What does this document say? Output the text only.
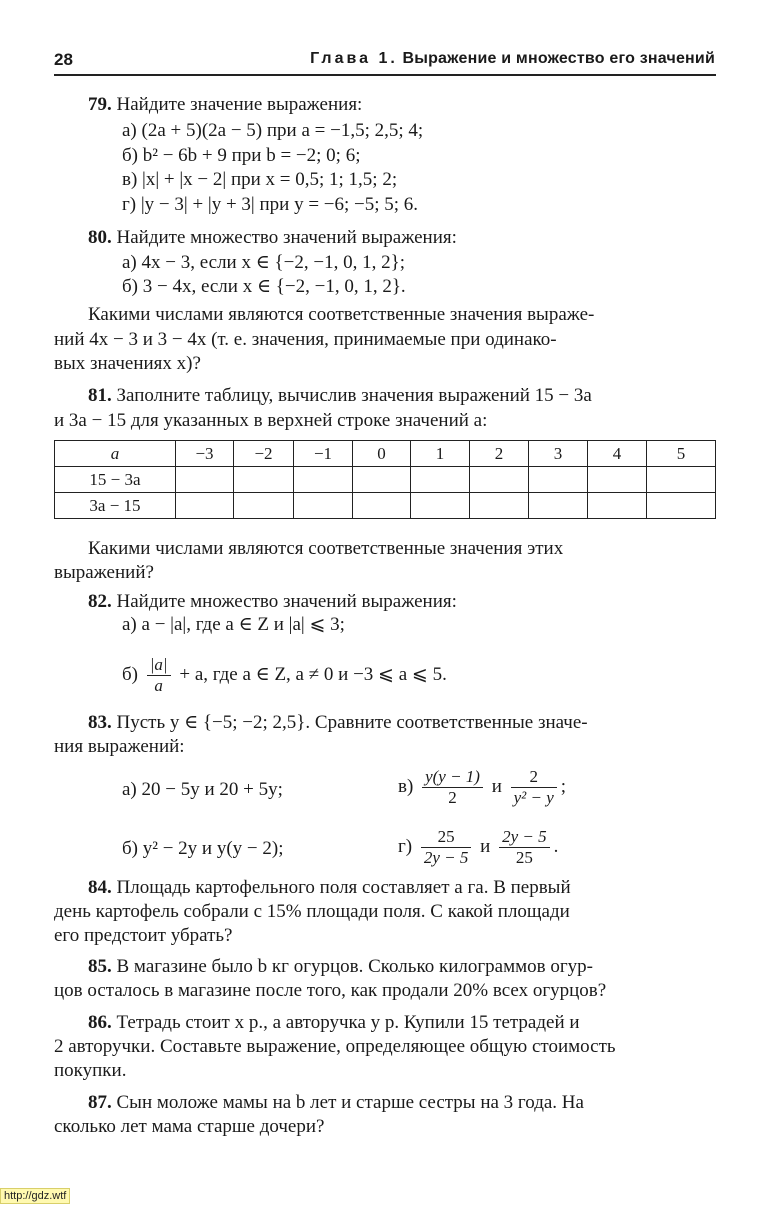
28	Глава 1. Выражение и множество его значений
79. Найдите значение выражения:
а) (2a + 5)(2a − 5) при a = −1,5; 2,5; 4;
б) b² − 6b + 9 при b = −2; 0; 6;
в) |x| + |x − 2| при x = 0,5; 1; 1,5; 2;
г) |y − 3| + |y + 3| при y = −6; −5; 5; 6.
80. Найдите множество значений выражения:
а) 4x − 3, если x ∈ {−2, −1, 0, 1, 2};
б) 3 − 4x, если x ∈ {−2, −1, 0, 1, 2}.
Какими числами являются соответственные значения выраже-
ний 4x − 3 и 3 − 4x (т. е. значения, принимаемые при одинако-
вых значениях x)?
81. Заполните таблицу, вычислив значения выражений 15 − 3a
и 3a − 15 для указанных в верхней строке значений a:
a	−3	−2	−1	0	1	2	3	4	5
15 − 3a									
3a − 15									
Какими числами являются соответственные значения этих
выражений?
82. Найдите множество значений выражения:
а) a − |a|, где a ∈ Z и |a| ⩽ 3;
$б) \frac{|a|}{a} + a$, где a ∈ Z, a ≠ 0 и −3 ⩽ a ⩽ 5.
83. Пусть y ∈ {−5; −2; 2,5}. Сравните соответственные значе-
ния выражений:
а) 20 − 5y и 20 + 5y;	$в) \frac{y(y - 1)}{2}$ и $\frac{2}{\text{y² − y}}$ ;
б) y² − 2y и y(y − 2);	$г) \frac{25}{2y - 5}$ и $\frac{2y - 5}{25}$ .
84. Площадь картофельного поля составляет a га. В первый
день картофель собрали с 15% площади поля. С какой площади
его предстоит убрать?
85. В магазине было b кг огурцов. Сколько килограммов огур-
цов осталось в магазине после того, как продали 20% всех огурцов?
86. Тетрадь стоит x р., а авторучка y р. Купили 15 тетрадей и
2 авторучки. Составьте выражение, определяющее общую стоимость
покупки.
87. Сын моложе мамы на b лет и старше сестры на 3 года. На
сколько лет мама старше дочери?
http://gdz.wtf
